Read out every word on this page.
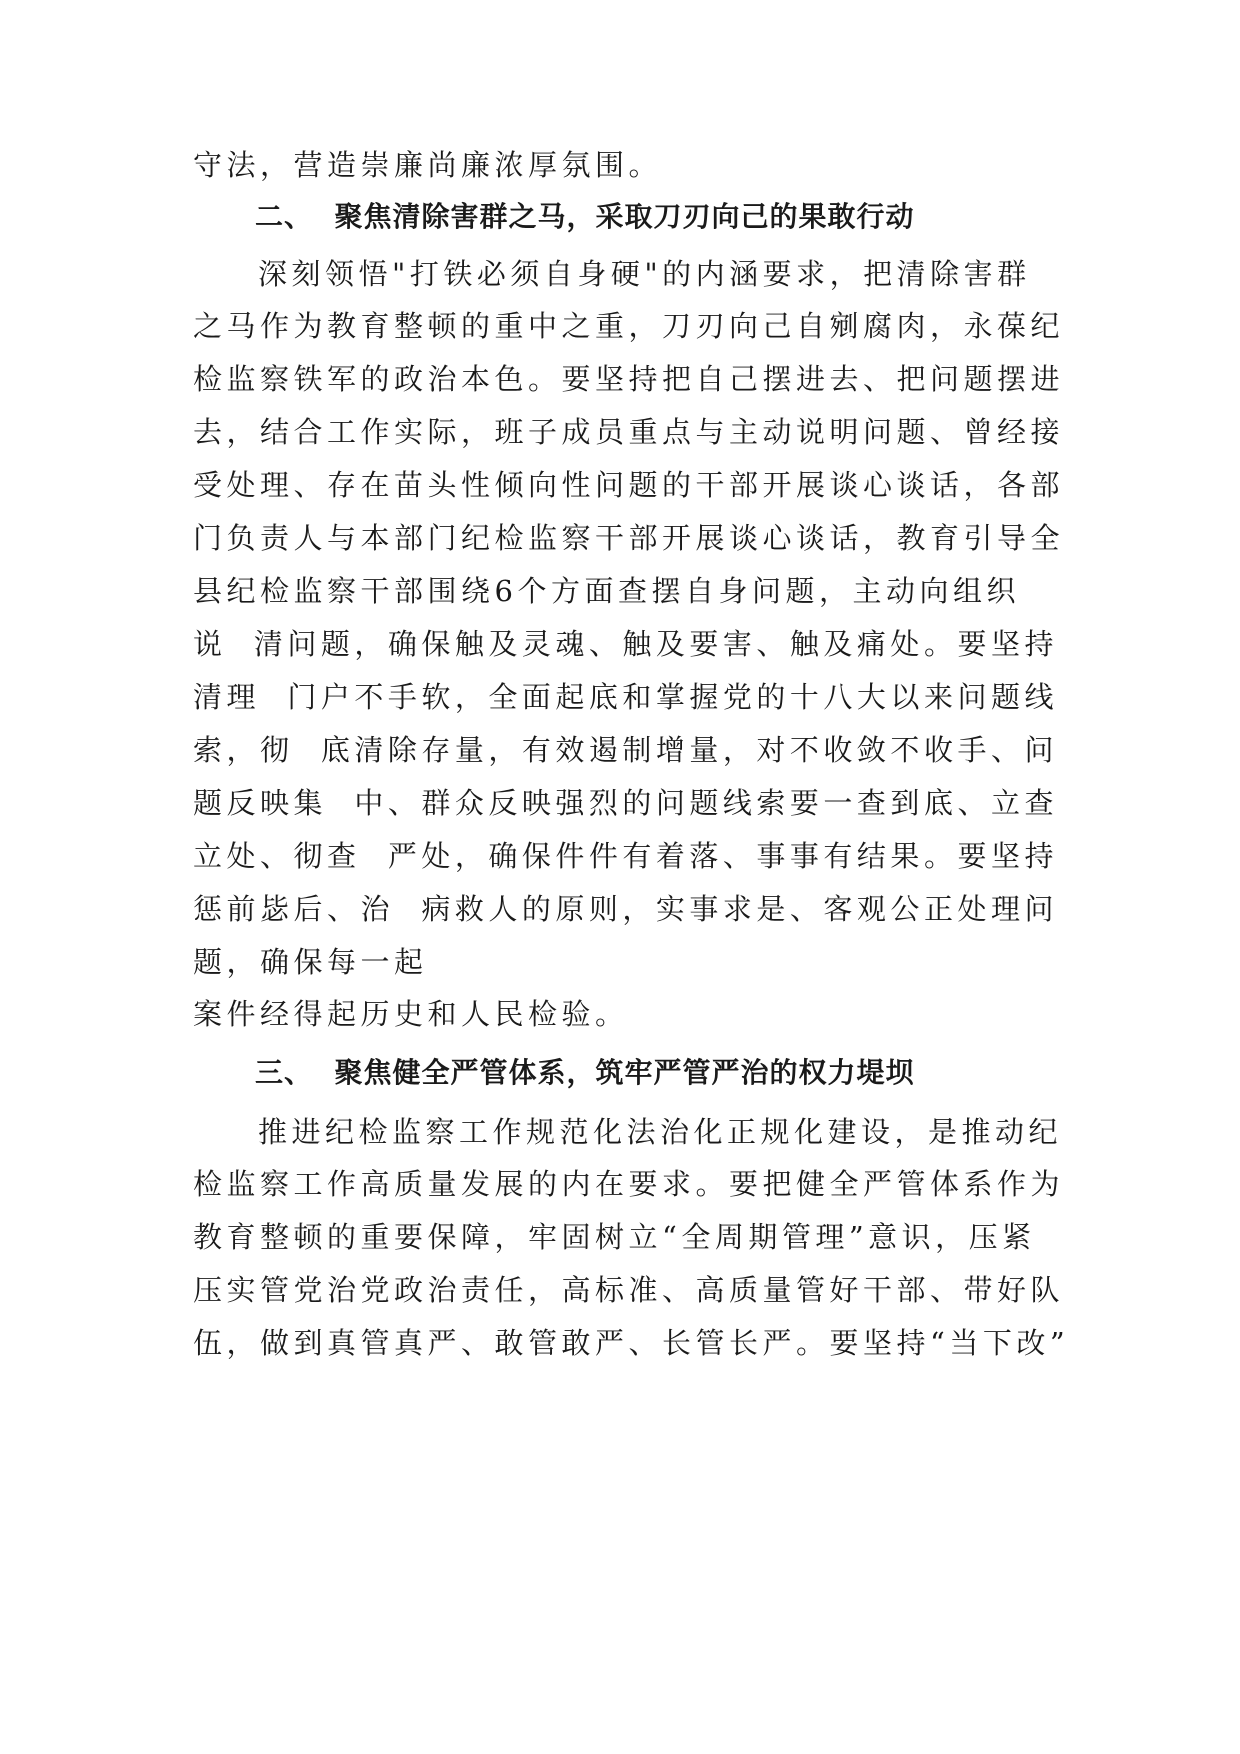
守法，营造崇廉尚廉浓厚氛围。

二、  聚焦清除害群之马，采取刀刃向己的果敢行动

深刻领悟"打铁必须自身硬"的内涵要求，把清除害群

之马作为教育整顿的重中之重，刀刃向己自剜腐肉，永葆纪

检监察铁军的政治本色。要坚持把自己摆进去、把问题摆进

去，结合工作实际，班子成员重点与主动说明问题、曾经接

受处理、存在苗头性倾向性问题的干部开展谈心谈话，各部

门负责人与本部门纪检监察干部开展谈心谈话，教育引导全

县纪检监察干部围绕6个方面查摆自身问题，主动向组织

说  清问题，确保触及灵魂、触及要害、触及痛处。要坚持

清理  门户不手软，全面起底和掌握党的十八大以来问题线

索，彻  底清除存量，有效遏制增量，对不收敛不收手、问

题反映集  中、群众反映强烈的问题线索要一查到底、立查

立处、彻查  严处，确保件件有着落、事事有结果。要坚持

惩前毖后、治  病救人的原则，实事求是、客观公正处理问

题，确保每一起

案件经得起历史和人民检验。

三、  聚焦健全严管体系，筑牢严管严治的权力堤坝

推进纪检监察工作规范化法治化正规化建设，是推动纪

检监察工作高质量发展的内在要求。要把健全严管体系作为

教育整顿的重要保障，牢固树立“全周期管理”意识，压紧

压实管党治党政治责任，高标准、高质量管好干部、带好队

伍，做到真管真严、敢管敢严、长管长严。要坚持“当下改”
